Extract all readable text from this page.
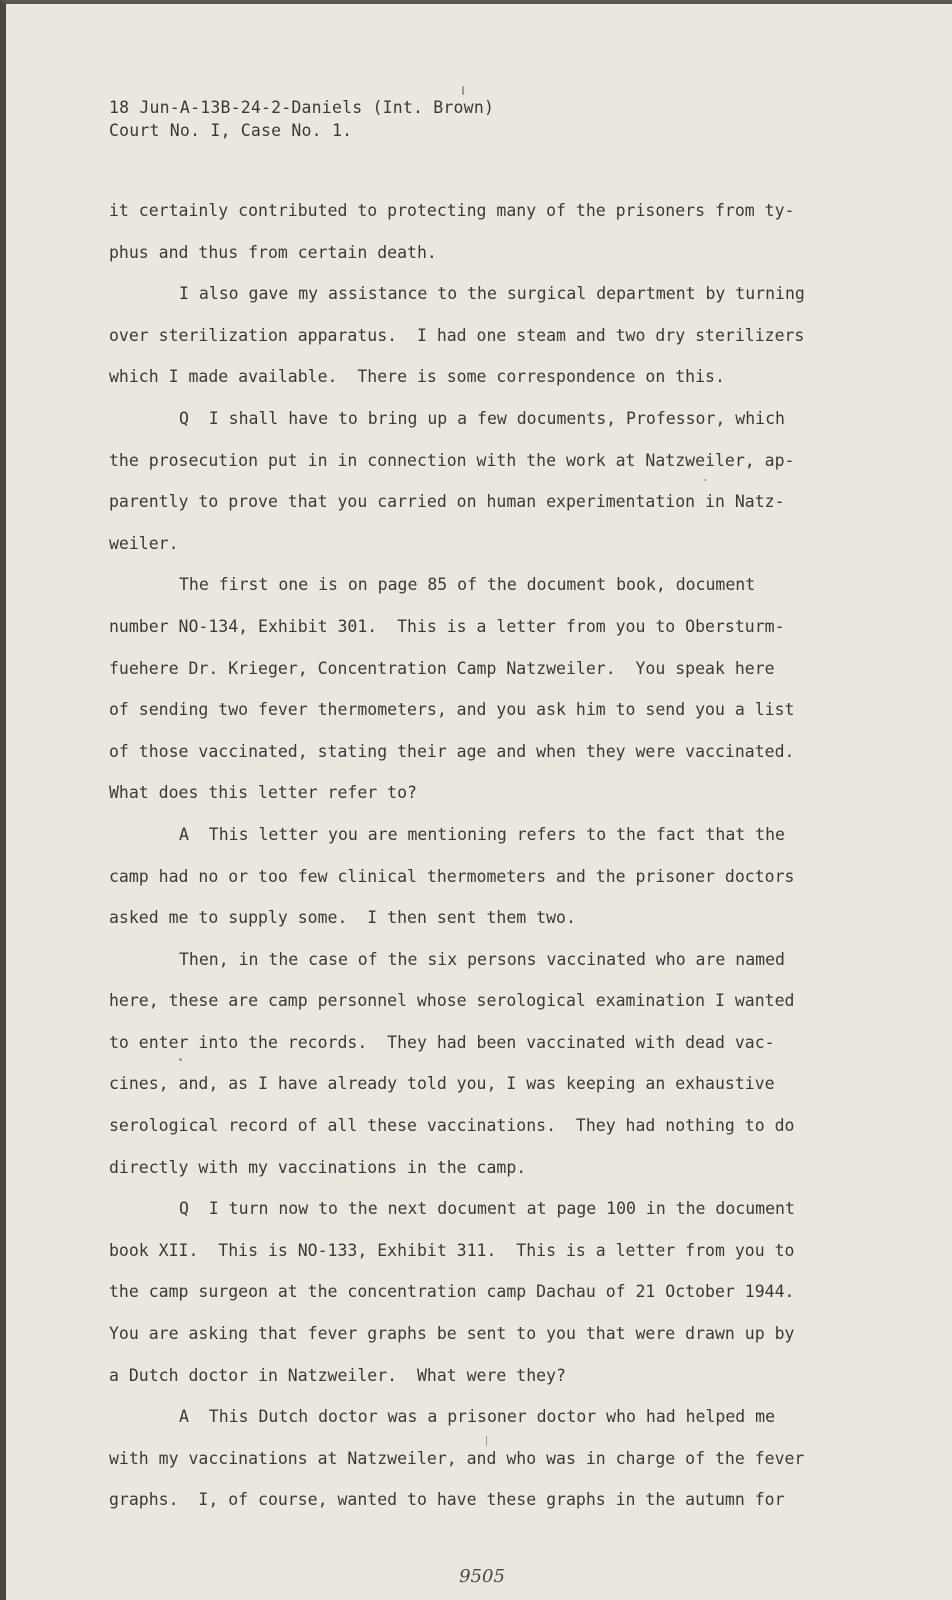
18 Jun-A-13B-24-2-Daniels (Int. Brown)
Court No. I, Case No. 1.
it certainly contributed to protecting many of the prisoners from ty-
phus and thus from certain death.
I also gave my assistance to the surgical department by turning
over sterilization apparatus.  I had one steam and two dry sterilizers
which I made available.  There is some correspondence on this.
Q  I shall have to bring up a few documents, Professor, which
the prosecution put in in connection with the work at Natzweiler, ap-
parently to prove that you carried on human experimentation in Natz-
weiler.
The first one is on page 85 of the document book, document
number NO-134, Exhibit 301.  This is a letter from you to Obersturm-
fuehere Dr. Krieger, Concentration Camp Natzweiler.  You speak here
of sending two fever thermometers, and you ask him to send you a list
of those vaccinated, stating their age and when they were vaccinated.
What does this letter refer to?
A  This letter you are mentioning refers to the fact that the
camp had no or too few clinical thermometers and the prisoner doctors
asked me to supply some.  I then sent them two.
Then, in the case of the six persons vaccinated who are named
here, these are camp personnel whose serological examination I wanted
to enter into the records.  They had been vaccinated with dead vac-
cines, and, as I have already told you, I was keeping an exhaustive
serological record of all these vaccinations.  They had nothing to do
directly with my vaccinations in the camp.
Q  I turn now to the next document at page 100 in the document
book XII.  This is NO-133, Exhibit 311.  This is a letter from you to
the camp surgeon at the concentration camp Dachau of 21 October 1944.
You are asking that fever graphs be sent to you that were drawn up by
a Dutch doctor in Natzweiler.  What were they?
A  This Dutch doctor was a prisoner doctor who had helped me
with my vaccinations at Natzweiler, and who was in charge of the fever
graphs.  I, of course, wanted to have these graphs in the autumn for
9505
